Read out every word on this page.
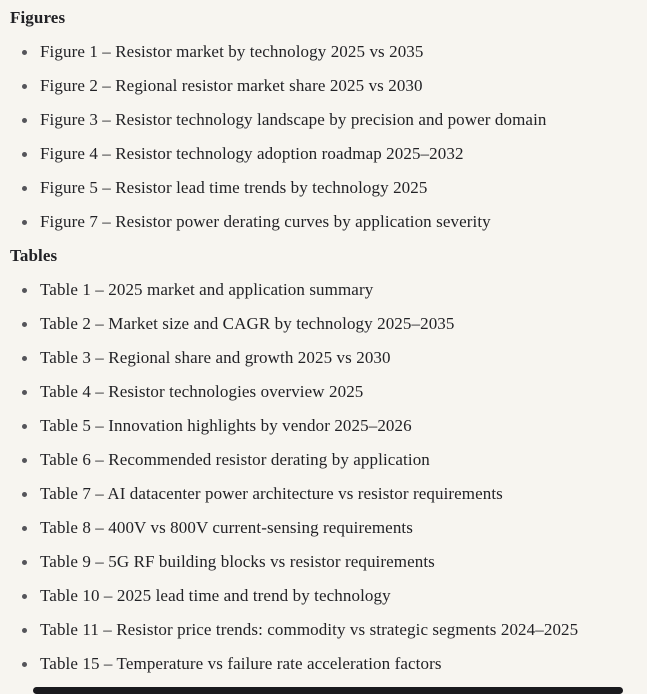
Figures
Figure 1 – Resistor market by technology 2025 vs 2035
Figure 2 – Regional resistor market share 2025 vs 2030
Figure 3 – Resistor technology landscape by precision and power domain
Figure 4 – Resistor technology adoption roadmap 2025–2032
Figure 5 – Resistor lead time trends by technology 2025
Figure 7 – Resistor power derating curves by application severity
Tables
Table 1 – 2025 market and application summary
Table 2 – Market size and CAGR by technology 2025–2035
Table 3 – Regional share and growth 2025 vs 2030
Table 4 – Resistor technologies overview 2025
Table 5 – Innovation highlights by vendor 2025–2026
Table 6 – Recommended resistor derating by application
Table 7 – AI datacenter power architecture vs resistor requirements
Table 8 – 400V vs 800V current-sensing requirements
Table 9 – 5G RF building blocks vs resistor requirements
Table 10 – 2025 lead time and trend by technology
Table 11 – Resistor price trends: commodity vs strategic segments 2024–2025
Table 15 – Temperature vs failure rate acceleration factors
